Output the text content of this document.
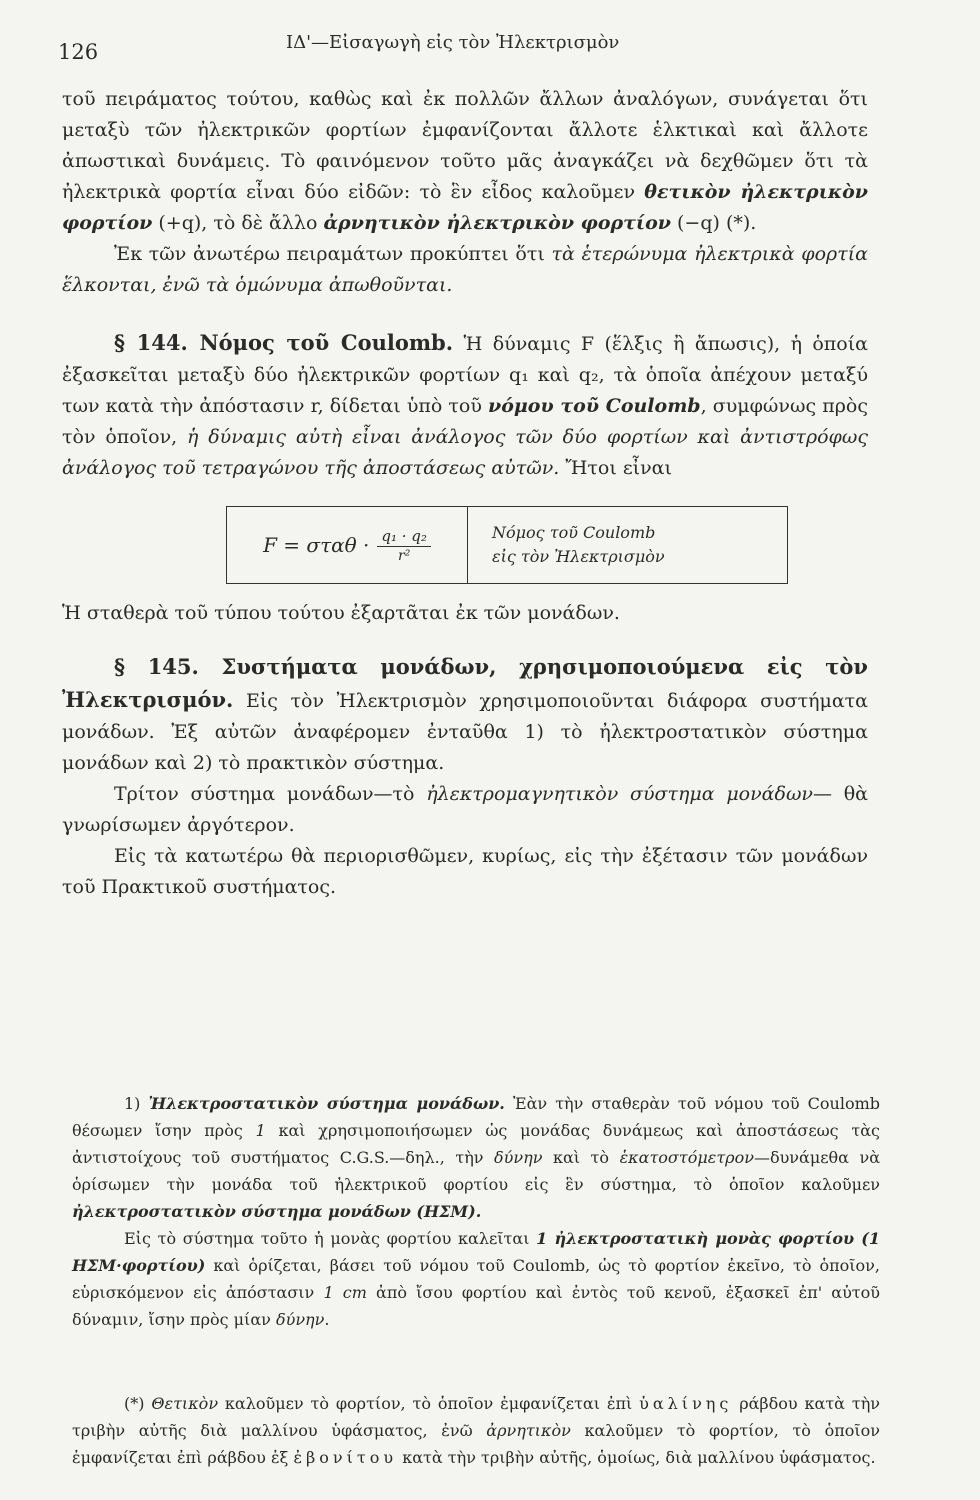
126	ΙΔ'—Εἰσαγωγὴ εἰς τὸν Ἠλεκτρισμὸν

τοῦ πειράματος τούτου, καθὼς καὶ ἐκ πολλῶν ἄλλων ἀναλόγων, συνάγεται ὅτι μεταξὺ τῶν ἠλεκτρικῶν φορτίων ἐμφανίζονται ἄλλοτε ἑλκτικαὶ καὶ ἄλλοτε ἀπωστικαὶ δυνάμεις. Τὸ φαινόμενον τοῦτο μᾶς ἀναγκάζει νὰ δεχθῶμεν ὅτι τὰ ἠλεκτρικὰ φορτία εἶναι δύο εἰδῶν: τὸ ἓν εἶδος καλοῦμεν θετικὸν ἠλεκτρικὸν φορτίον (+q), τὸ δὲ ἄλλο ἀρνητικὸν ἠλεκτρικὸν φορτίον (−q) (*).

Ἐκ τῶν ἀνωτέρω πειραμάτων προκύπτει ὅτι τὰ ἑτερώνυμα ἠλεκτρικὰ φορτία ἕλκονται, ἐνῶ τὰ ὁμώνυμα ἀπωθοῦνται.

§ 144. Νόμος τοῦ Coulomb. Ἡ δύναμις F (ἕλξις ἢ ἄπωσις), ἡ ὁποία ἐξασκεῖται μεταξὺ δύο ἠλεκτρικῶν φορτίων q₁ καὶ q₂, τὰ ὁποῖα ἀπέχουν μεταξύ των κατὰ τὴν ἀπόστασιν r, δίδεται ὑπὸ τοῦ νόμου τοῦ Coulomb, συμφώνως πρὸς τὸν ὁποῖον, ἡ δύναμις αὐτὴ εἶναι ἀνάλογος τῶν δύο φορτίων καὶ ἀντιστρόφως ἀνάλογος τοῦ τετραγώνου τῆς ἀποστάσεως αὐτῶν. Ἤτοι εἶναι

$F = \sigma\tau\alpha\theta \cdot \frac{\text{q₁ · q₂}}{\text{r²}}$	Νόμος τοῦ Coulomb
εἰς τὸν Ἠλεκτρισμὸν

Ἡ σταθερὰ τοῦ τύπου τούτου ἐξαρτᾶται ἐκ τῶν μονάδων.

§ 145. Συστήματα μονάδων, χρησιμοποιούμενα εἰς τὸν Ἠλεκτρισμόν. Εἰς τὸν Ἠλεκτρισμὸν χρησιμοποιοῦνται διάφορα συστήματα μονάδων. Ἐξ αὐτῶν ἀναφέρομεν ἐνταῦθα 1) τὸ ἠλεκτροστατικὸν σύστημα μονάδων καὶ 2) τὸ πρακτικὸν σύστημα.

Τρίτον σύστημα μονάδων—τὸ ἠλεκτρομαγνητικὸν σύστημα μονάδων— θὰ γνωρίσωμεν ἀργότερον.

Εἰς τὰ κατωτέρω θὰ περιορισθῶμεν, κυρίως, εἰς τὴν ἐξέτασιν τῶν μονάδων τοῦ Πρακτικοῦ συστήματος.

1) Ἠλεκτροστατικὸν σύστημα μονάδων. Ἐὰν τὴν σταθερὰν τοῦ νόμου τοῦ Coulomb θέσωμεν ἴσην πρὸς 1 καὶ χρησιμοποιήσωμεν ὡς μονάδας δυνάμεως καὶ ἀποστάσεως τὰς ἀντιστοίχους τοῦ συστήματος C.G.S.—δηλ., τὴν δύνην καὶ τὸ ἑκατοστόμετρον—δυνάμεθα νὰ ὁρίσωμεν τὴν μονάδα τοῦ ἠλεκτρικοῦ φορτίου εἰς ἓν σύστημα, τὸ ὁποῖον καλοῦμεν ἠλεκτροστατικὸν σύστημα μονάδων (ΗΣΜ).

Εἰς τὸ σύστημα τοῦτο ἡ μονὰς φορτίου καλεῖται 1 ἠλεκτροστατικὴ μονὰς φορτίου (1 ΗΣΜ·φορτίου) καὶ ὁρίζεται, βάσει τοῦ νόμου τοῦ Coulomb, ὡς τὸ φορτίον ἐκεῖνο, τὸ ὁποῖον, εὑρισκόμενον εἰς ἀπόστασιν 1 cm ἀπὸ ἴσου φορτίου καὶ ἐντὸς τοῦ κενοῦ, ἐξασκεῖ ἐπ' αὐτοῦ δύναμιν, ἴσην πρὸς μίαν δύνην.

(*) Θετικὸν καλοῦμεν τὸ φορτίον, τὸ ὁποῖον ἐμφανίζεται ἐπὶ ὑαλίνης ράβδου κατὰ τὴν τριβὴν αὐτῆς διὰ μαλλίνου ὑφάσματος, ἐνῶ ἀρνητικὸν καλοῦμεν τὸ φορτίον, τὸ ὁποῖον ἐμφανίζεται ἐπὶ ράβδου ἐξ ἐβονίτου κατὰ τὴν τριβὴν αὐτῆς, ὁμοίως, διὰ μαλλίνου ὑφάσματος.
